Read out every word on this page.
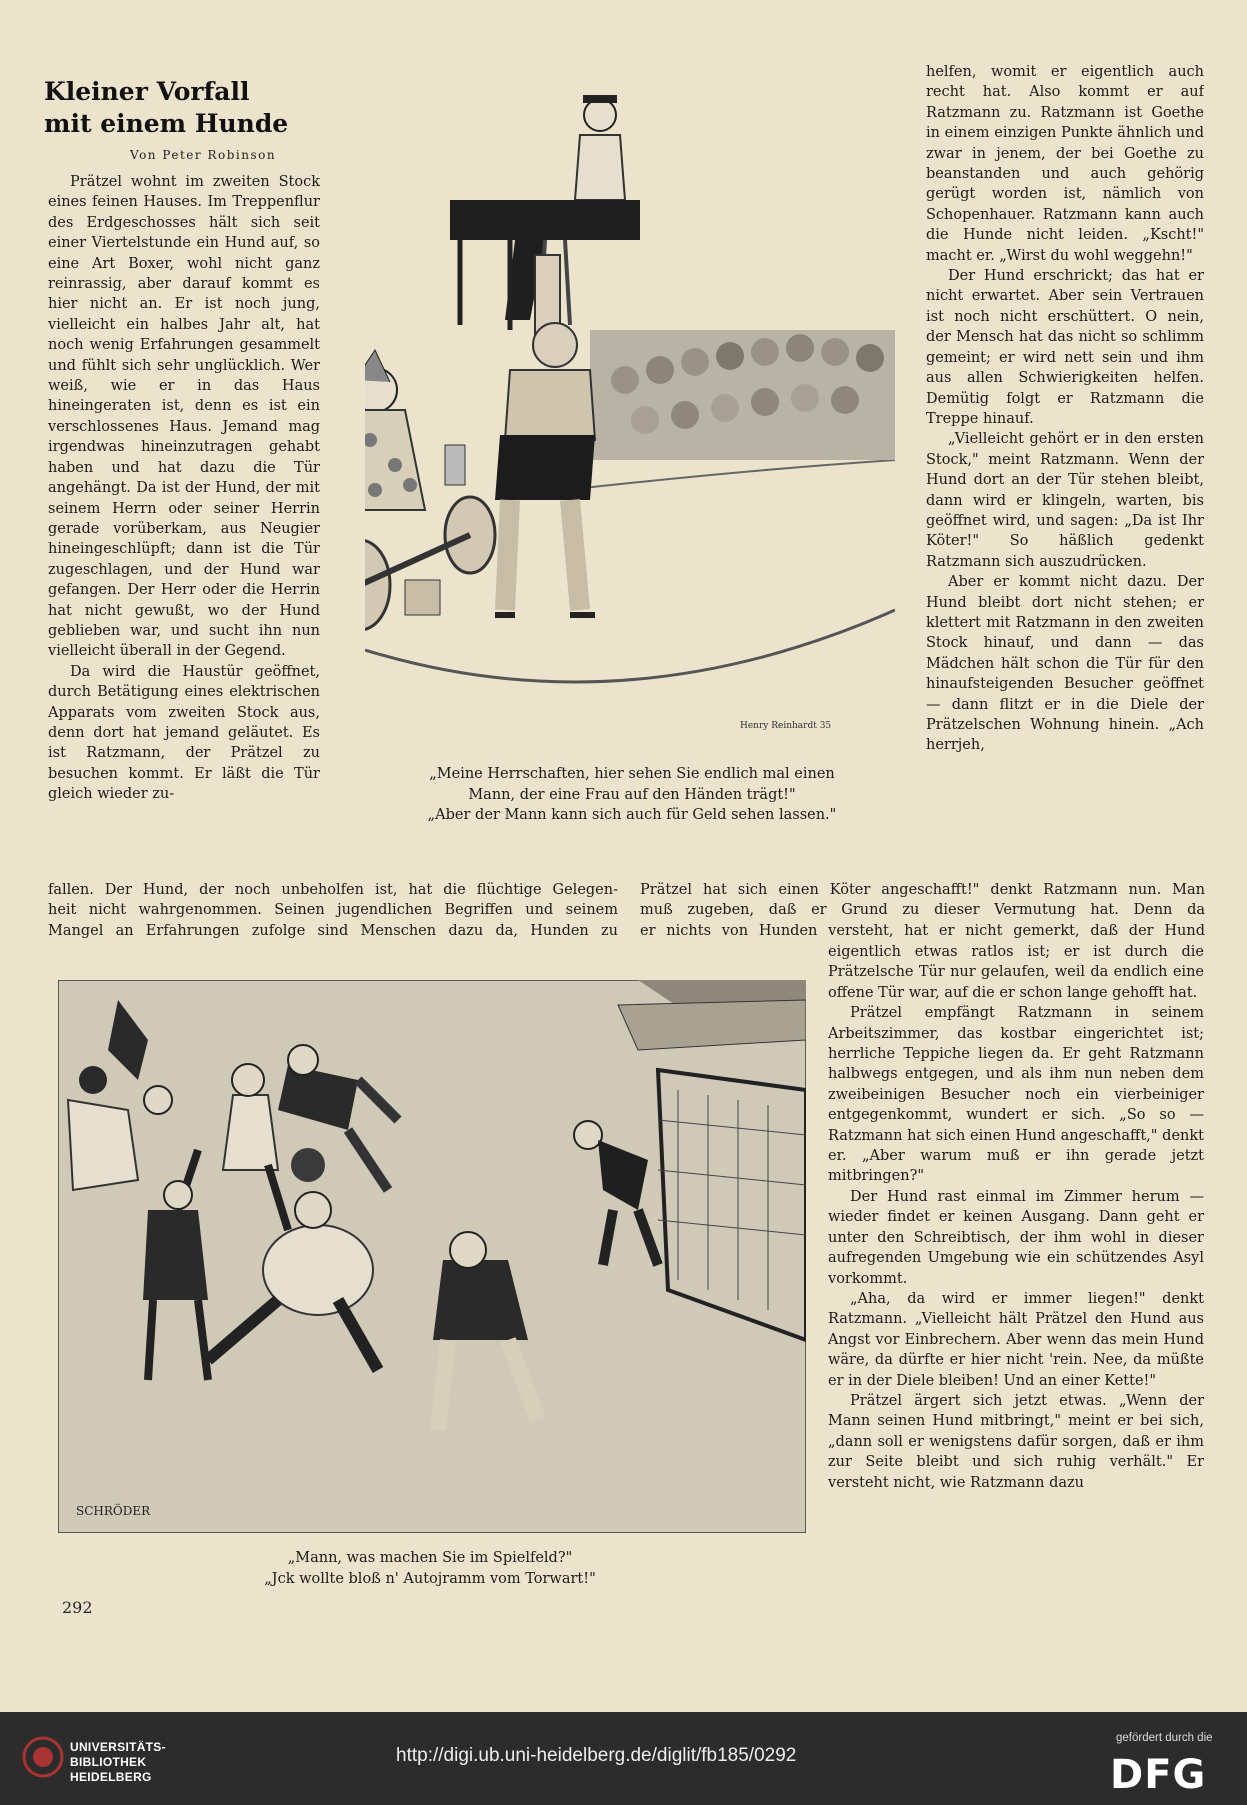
Kleiner Vorfall
mit einem Hunde
Von Peter Robinson

Prätzel wohnt im zweiten Stock eines feinen Hauses. Im Treppenflur des Erdgeschosses hält sich seit einer Viertelstunde ein Hund auf, so eine Art Boxer, wohl nicht ganz reinrassig, aber darauf kommt es hier nicht an. Er ist noch jung, vielleicht ein halbes Jahr alt, hat noch wenig Erfahrungen gesammelt und fühlt sich sehr unglücklich. Wer weiß, wie er in das Haus hineingeraten ist, denn es ist ein verschlossenes Haus. Jemand mag irgendwas hineinzutragen gehabt haben und hat dazu die Tür angehängt. Da ist der Hund, der mit seinem Herrn oder seiner Herrin gerade vorüberkam, aus Neugier hineingeschlüpft; dann ist die Tür zugeschlagen, und der Hund war gefangen. Der Herr oder die Herrin hat nicht gewußt, wo der Hund geblieben war, und sucht ihn nun vielleicht überall in der Gegend.

Da wird die Haustür geöffnet, durch Betätigung eines elektrischen Apparats vom zweiten Stock aus, denn dort hat jemand geläutet. Es ist Ratzmann, der Prätzel zu besuchen kommt. Er läßt die Tür gleich wieder zu-

fallen. Der Hund, der noch unbeholfen ist, hat die flüchtige Gelegen-
heit nicht wahrgenommen. Seinen jugendlichen Begriffen und seinem
Mangel an Erfahrungen zufolge sind Menschen dazu da, Hunden zu
Prätzel hat sich einen Köter angeschafft!" denkt Ratzmann nun. Man
muß zugeben, daß er Grund zu dieser Vermutung hat. Denn da
er nichts von Hunden versteht, hat er nicht gemerkt, daß der Hund

helfen, womit er eigentlich auch recht hat. Also kommt er auf Ratzmann zu. Ratzmann ist Goethe in einem einzigen Punkte ähnlich und zwar in jenem, der bei Goethe zu beanstanden und auch gehörig gerügt worden ist, nämlich von Schopenhauer. Ratzmann kann auch die Hunde nicht leiden. „Kscht!" macht er. „Wirst du wohl weggehn!"

Der Hund erschrickt; das hat er nicht erwartet. Aber sein Vertrauen ist noch nicht erschüttert. O nein, der Mensch hat das nicht so schlimm gemeint; er wird nett sein und ihm aus allen Schwierigkeiten helfen. Demütig folgt er Ratzmann die Treppe hinauf.

„Vielleicht gehört er in den ersten Stock," meint Ratzmann. Wenn der Hund dort an der Tür stehen bleibt, dann wird er klingeln, warten, bis geöffnet wird, und sagen: „Da ist Ihr Köter!" So häßlich gedenkt Ratzmann sich auszudrücken.

Aber er kommt nicht dazu. Der Hund bleibt dort nicht stehen; er klettert mit Ratzmann in den zweiten Stock hinauf, und dann — das Mädchen hält schon die Tür für den hinaufsteigenden Besucher geöffnet — dann flitzt er in die Diele der Prätzelschen Wohnung hinein. „Ach herrjeh,

eigentlich etwas ratlos ist; er ist durch die Prätzelsche Tür nur gelaufen, weil da endlich eine offene Tür war, auf die er schon lange gehofft hat.

Prätzel empfängt Ratzmann in seinem Arbeitszimmer, das kostbar eingerichtet ist; herrliche Teppiche liegen da. Er geht Ratzmann halbwegs entgegen, und als ihm nun neben dem zweibeinigen Besucher noch ein vierbeiniger entgegenkommt, wundert er sich. „So so — Ratzmann hat sich einen Hund angeschafft," denkt er. „Aber warum muß er ihn gerade jetzt mitbringen?"

Der Hund rast einmal im Zimmer herum — wieder findet er keinen Ausgang. Dann geht er unter den Schreibtisch, der ihm wohl in dieser aufregenden Umgebung wie ein schützendes Asyl vorkommt.

„Aha, da wird er immer liegen!" denkt Ratzmann. „Vielleicht hält Prätzel den Hund aus Angst vor Einbrechern. Aber wenn das mein Hund wäre, da dürfte er hier nicht 'rein. Nee, da müßte er in der Diele bleiben! Und an einer Kette!"

Prätzel ärgert sich jetzt etwas. „Wenn der Mann seinen Hund mitbringt," meint er bei sich, „dann soll er wenigstens dafür sorgen, daß er ihm zur Seite bleibt und sich ruhig verhält." Er versteht nicht, wie Ratzmann dazu

Henry Reinhardt 35
„Meine Herrschaften, hier sehen Sie endlich mal einen
Mann, der eine Frau auf den Händen trägt!"
„Aber der Mann kann sich auch für Geld sehen lassen."
SCHRÖDER
„Mann, was machen Sie im Spielfeld?"
„Jck wollte bloß n' Autojramm vom Torwart!"
292
UNIVERSITÄTS-
BIBLIOTHEK
HEIDELBERG
http://digi.ub.uni-heidelberg.de/diglit/fb185/0292
gefördert durch die
DFG
